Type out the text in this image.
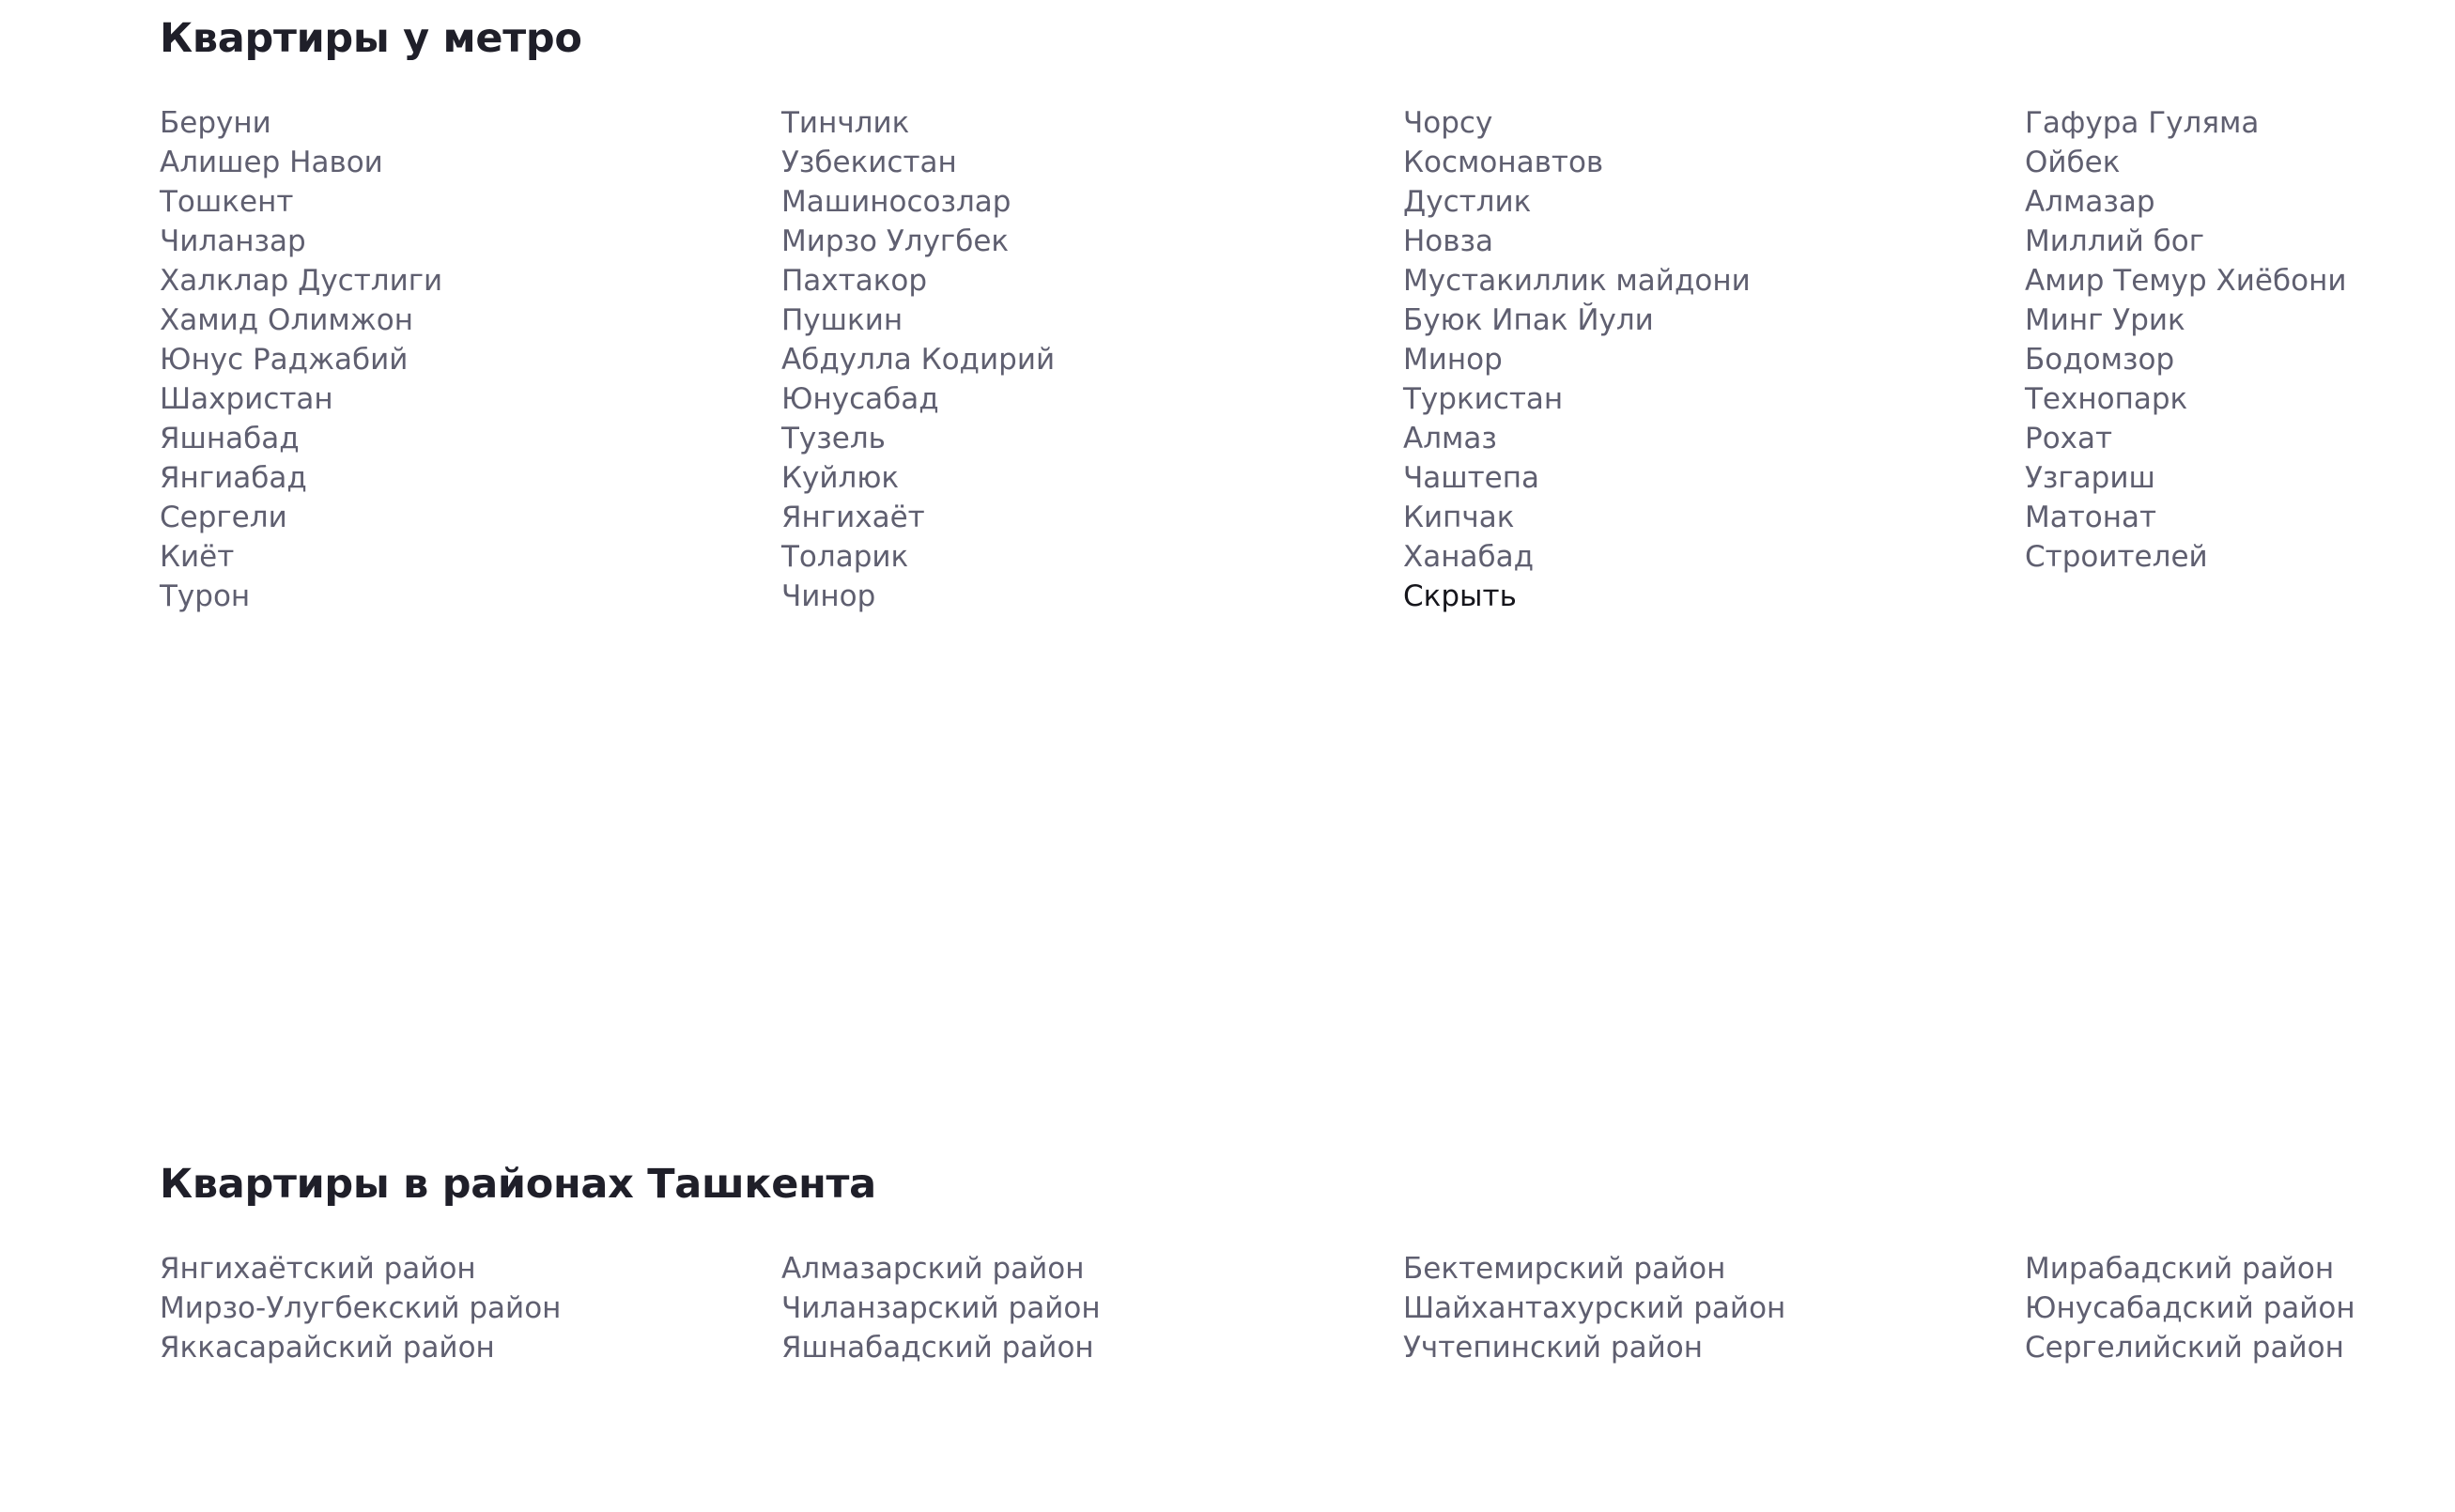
Квартиры у метро
Беруни
Алишер Навои
Тошкент
Чиланзар
Халклар Дустлиги
Хамид Олимжон
Юнус Раджабий
Шахристан
Яшнабад
Янгиабад
Сергели
Киёт
Турон
Тинчлик
Узбекистан
Машиносозлар
Мирзо Улугбек
Пахтакор
Пушкин
Абдулла Кодирий
Юнусабад
Тузель
Куйлюк
Янгихаёт
Толарик
Чинор
Чорсу
Космонавтов
Дустлик
Новза
Мустакиллик майдони
Буюк Ипак Йули
Минор
Туркистан
Алмаз
Чаштепа
Кипчак
Ханабад
Скрыть
Гафура Гуляма
Ойбек
Алмазар
Миллий бог
Амир Темур Хиёбони
Минг Урик
Бодомзор
Технопарк
Рохат
Узгариш
Матонат
Строителей
Квартиры в районах Ташкента
Янгихаётский район
Мирзо-Улугбекский район
Яккасарайский район
Алмазарский район
Чиланзарский район
Яшнабадский район
Бектемирский район
Шайхантахурский район
Учтепинский район
Мирабадский район
Юнусабадский район
Сергелийский район
